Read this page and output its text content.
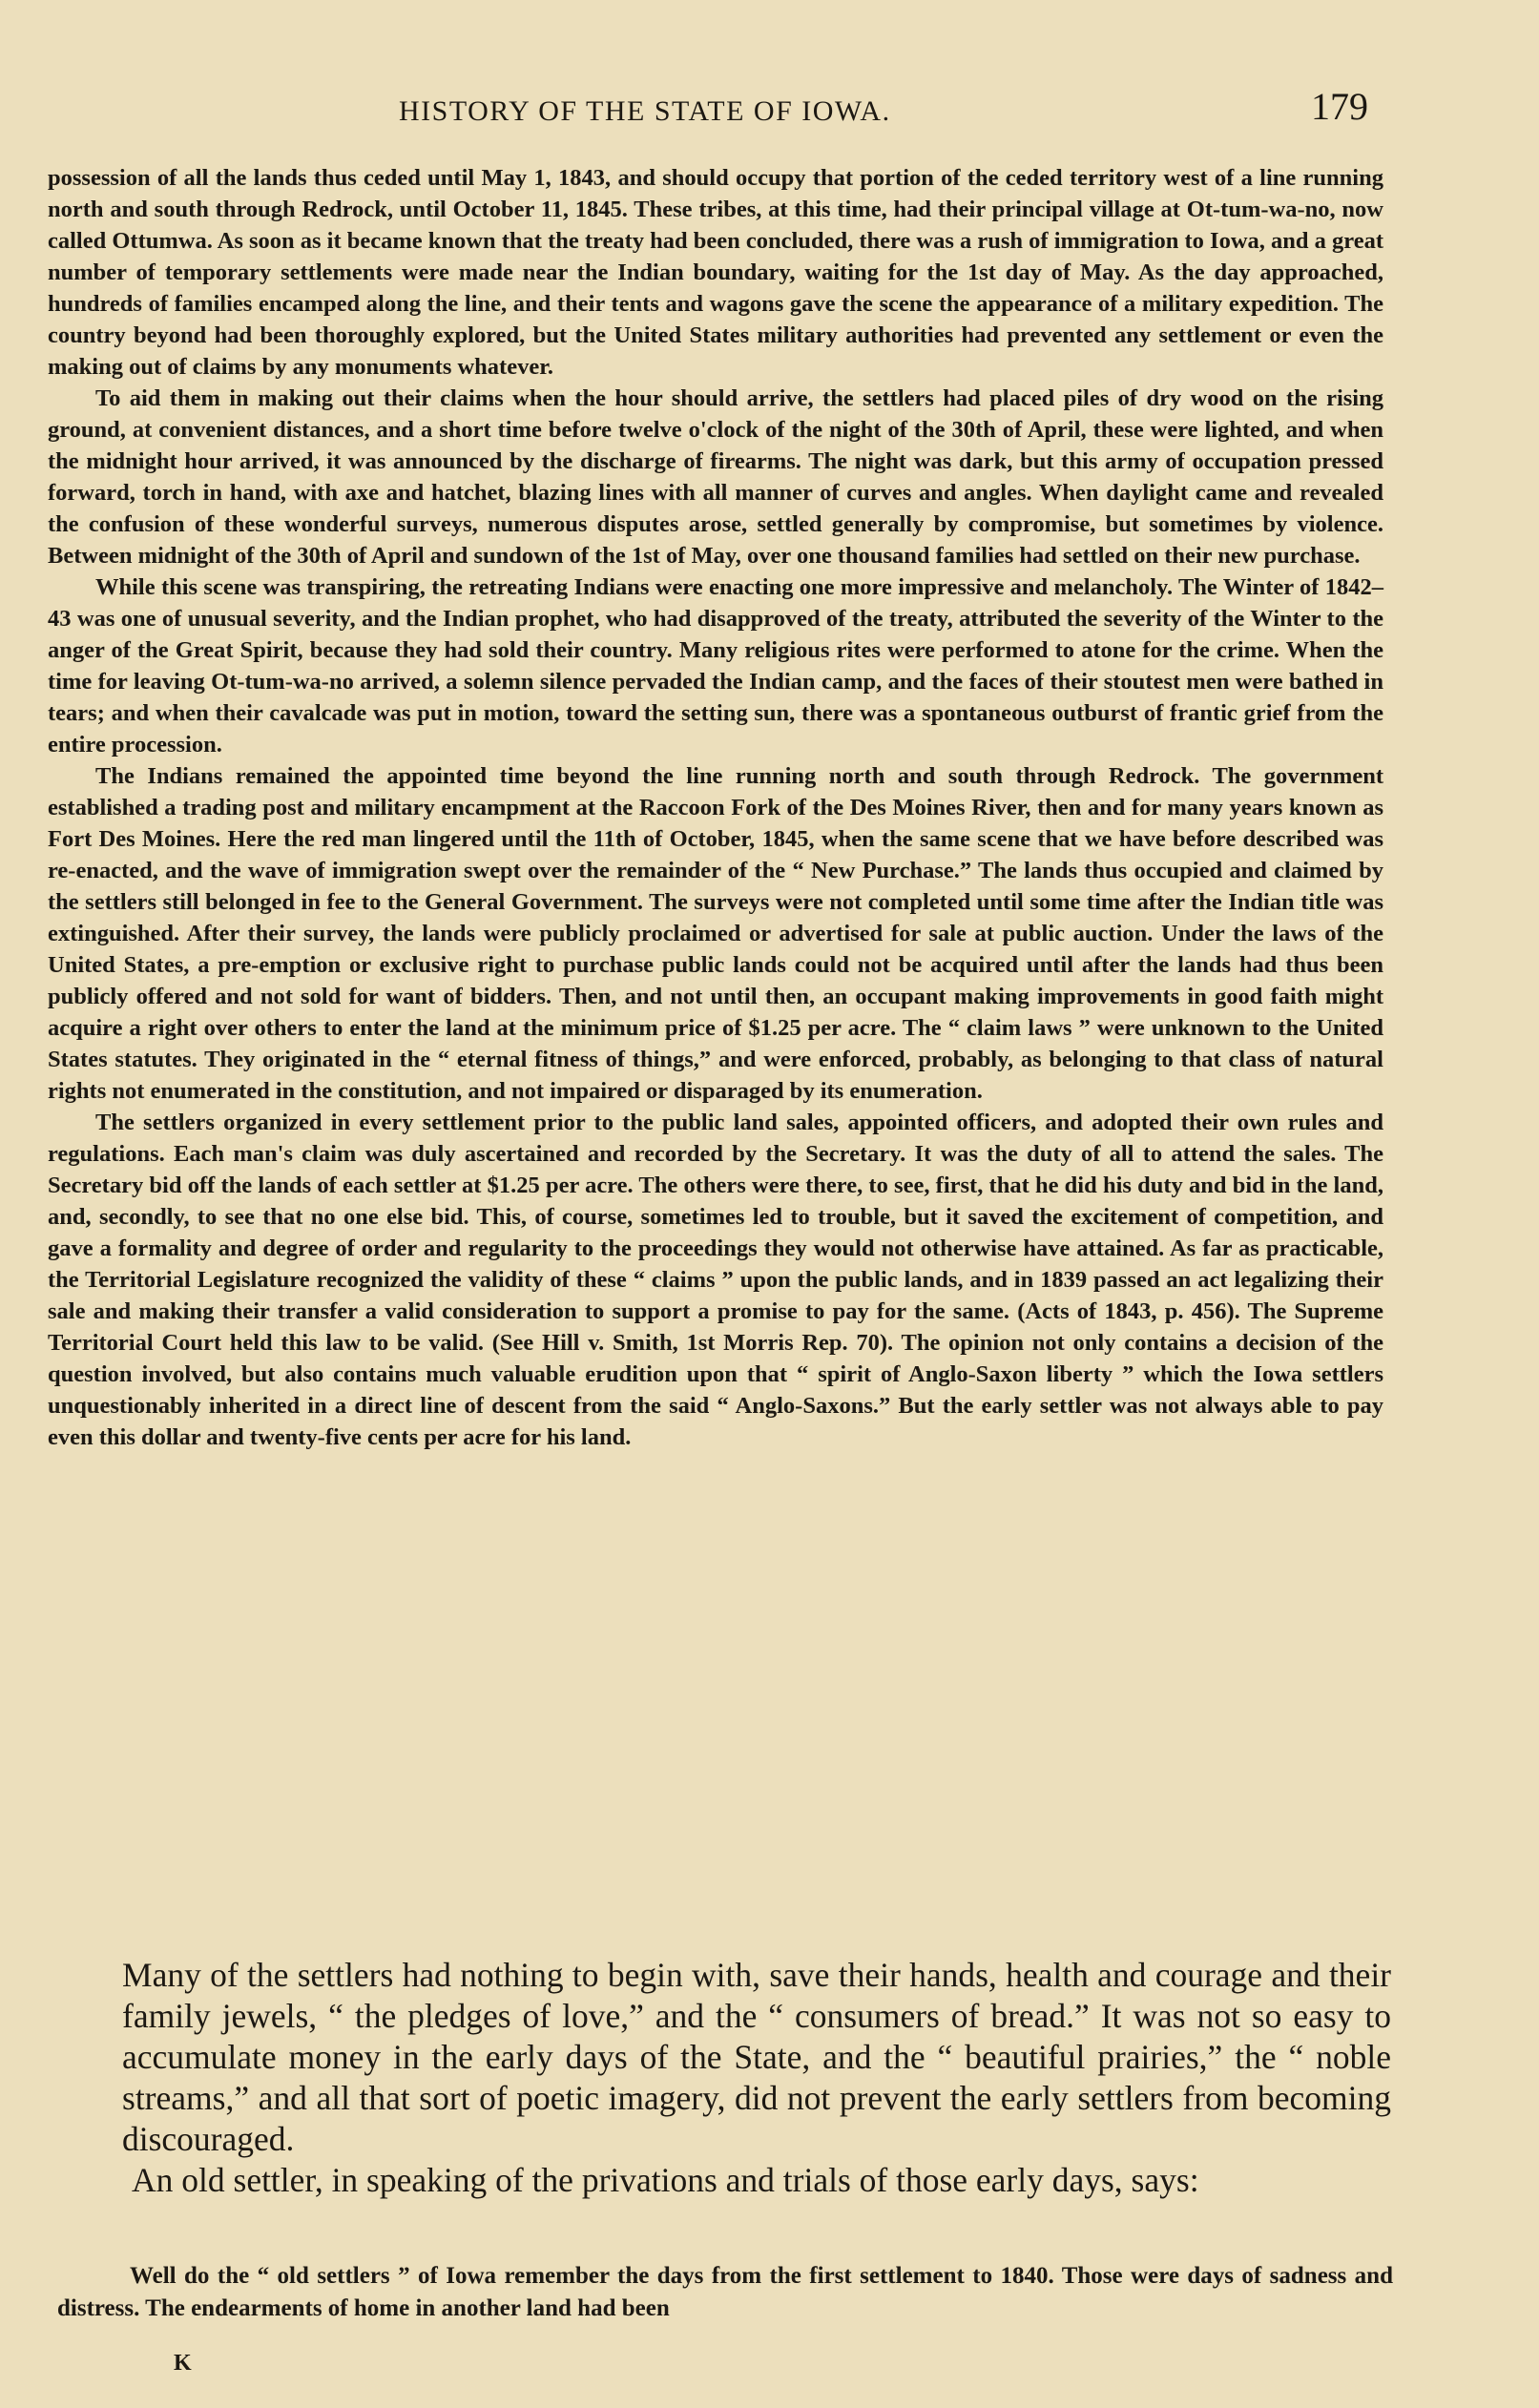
HISTORY OF THE STATE OF IOWA.	179

possession of all the lands thus ceded until May 1, 1843, and should occupy that portion of the ceded territory west of a line running north and south through Redrock, until October 11, 1845. These tribes, at this time, had their principal village at Ot-tum-wa-no, now called Ottumwa. As soon as it became known that the treaty had been concluded, there was a rush of immigration to Iowa, and a great number of temporary settlements were made near the Indian boundary, waiting for the 1st day of May. As the day approached, hundreds of families encamped along the line, and their tents and wagons gave the scene the appearance of a military expedition. The country beyond had been thoroughly explored, but the United States military authorities had prevented any settlement or even the making out of claims by any monuments whatever.

To aid them in making out their claims when the hour should arrive, the settlers had placed piles of dry wood on the rising ground, at convenient distances, and a short time before twelve o'clock of the night of the 30th of April, these were lighted, and when the midnight hour arrived, it was announced by the discharge of firearms. The night was dark, but this army of occupation pressed forward, torch in hand, with axe and hatchet, blazing lines with all manner of curves and angles. When daylight came and revealed the confusion of these wonderful surveys, numerous disputes arose, settled generally by compromise, but sometimes by violence. Between midnight of the 30th of April and sundown of the 1st of May, over one thousand families had settled on their new purchase.

While this scene was transpiring, the retreating Indians were enacting one more impressive and melancholy. The Winter of 1842–43 was one of unusual severity, and the Indian prophet, who had disapproved of the treaty, attributed the severity of the Winter to the anger of the Great Spirit, because they had sold their country. Many religious rites were performed to atone for the crime. When the time for leaving Ot-tum-wa-no arrived, a solemn silence pervaded the Indian camp, and the faces of their stoutest men were bathed in tears; and when their cavalcade was put in motion, toward the setting sun, there was a spontaneous outburst of frantic grief from the entire procession.

The Indians remained the appointed time beyond the line running north and south through Redrock. The government established a trading post and military encampment at the Raccoon Fork of the Des Moines River, then and for many years known as Fort Des Moines. Here the red man lingered until the 11th of October, 1845, when the same scene that we have before described was re-enacted, and the wave of immigration swept over the remainder of the “ New Purchase.” The lands thus occupied and claimed by the settlers still belonged in fee to the General Government. The surveys were not completed until some time after the Indian title was extinguished. After their survey, the lands were publicly proclaimed or advertised for sale at public auction. Under the laws of the United States, a pre-emption or exclusive right to purchase public lands could not be acquired until after the lands had thus been publicly offered and not sold for want of bidders. Then, and not until then, an occupant making improvements in good faith might acquire a right over others to enter the land at the minimum price of $1.25 per acre. The “ claim laws ” were unknown to the United States statutes. They originated in the “ eternal fitness of things,” and were enforced, probably, as belonging to that class of natural rights not enumerated in the constitution, and not impaired or disparaged by its enumeration.

The settlers organized in every settlement prior to the public land sales, appointed officers, and adopted their own rules and regulations. Each man's claim was duly ascertained and recorded by the Secretary. It was the duty of all to attend the sales. The Secretary bid off the lands of each settler at $1.25 per acre. The others were there, to see, first, that he did his duty and bid in the land, and, secondly, to see that no one else bid. This, of course, sometimes led to trouble, but it saved the excitement of competition, and gave a formality and degree of order and regularity to the proceedings they would not otherwise have attained. As far as practicable, the Territorial Legislature recognized the validity of these “ claims ” upon the public lands, and in 1839 passed an act legalizing their sale and making their transfer a valid consideration to support a promise to pay for the same. (Acts of 1843, p. 456). The Supreme Territorial Court held this law to be valid. (See Hill v. Smith, 1st Morris Rep. 70). The opinion not only contains a decision of the question involved, but also contains much valuable erudition upon that “ spirit of Anglo-Saxon liberty ” which the Iowa settlers unquestionably inherited in a direct line of descent from the said “ Anglo-Saxons.” But the early settler was not always able to pay even this dollar and twenty-five cents per acre for his land.

Many of the settlers had nothing to begin with, save their hands, health and courage and their family jewels, “ the pledges of love,” and the “ consumers of bread.” It was not so easy to accumulate money in the early days of the State, and the “ beautiful prairies,” the “ noble streams,” and all that sort of poetic imagery, did not prevent the early settlers from becoming discouraged.

An old settler, in speaking of the privations and trials of those early days, says:

Well do the “ old settlers ” of Iowa remember the days from the first settlement to 1840. Those were days of sadness and distress. The endearments of home in another land had been

K
